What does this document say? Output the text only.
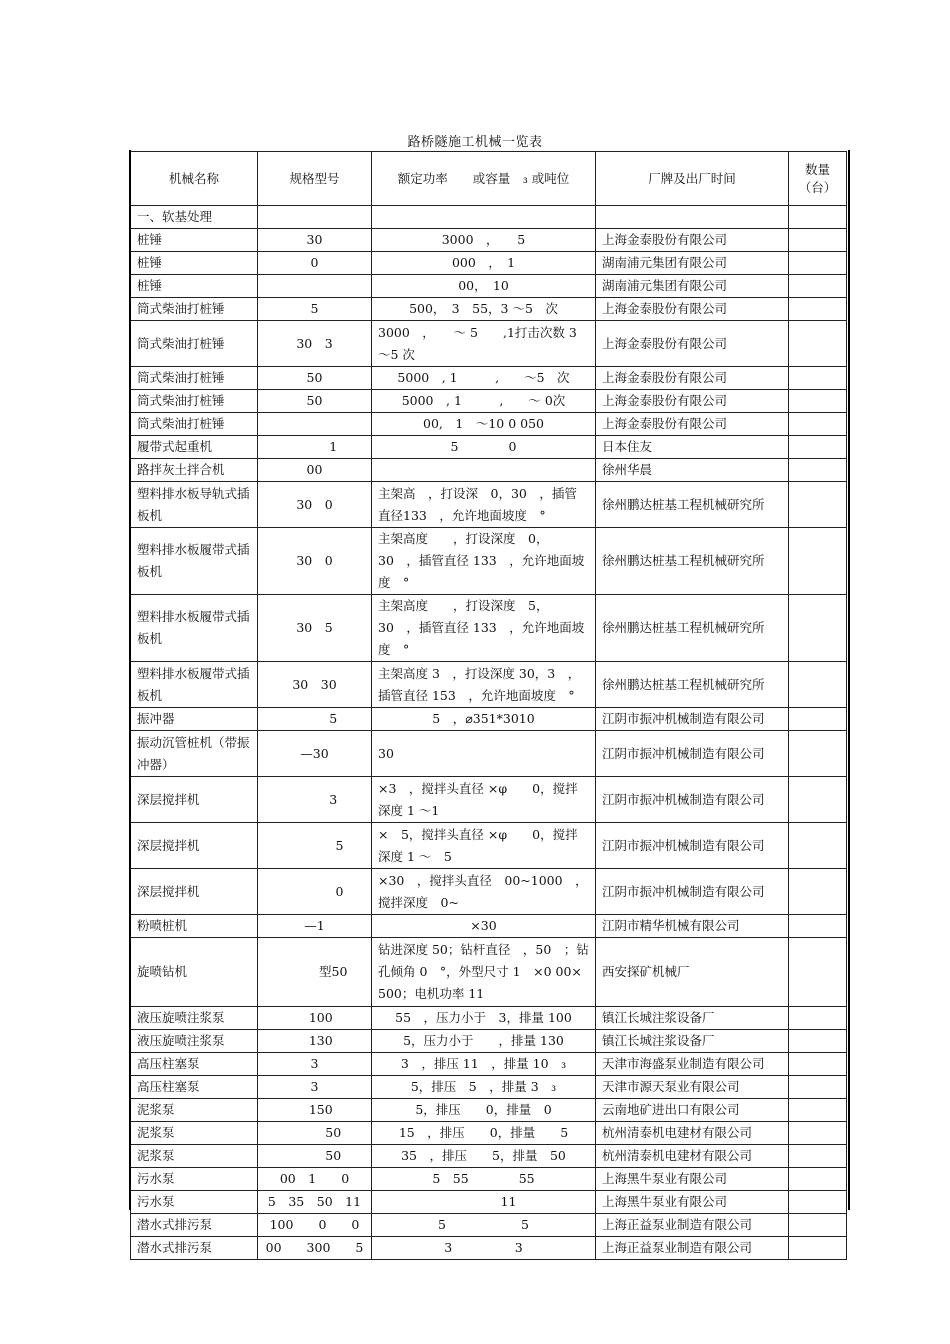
路桥隧施工机械一览表
机械名称	规格型号	额定功率　　或容量　₃ 或吨位	厂牌及出厂时间	数量（台）
一、软基处理				
桩锤	30	3000　，　　5	上海金泰股份有限公司	
桩锤	0	000　，　1	湖南浦元集团有限公司	
桩锤		00，　10	湖南浦元集团有限公司	
筒式柴油打桩锤	5	500，　3　55，3 ～5　次	上海金泰股份有限公司	
筒式柴油打桩锤	30　3	3000　，　　～ 5　　,1打击次数 3 ～5 次	上海金泰股份有限公司	
筒式柴油打桩锤	50	5000　, 1　　　,　　～5　次	上海金泰股份有限公司	
筒式柴油打桩锤	50	5000　, 1　　　,　　～ 0次	上海金泰股份有限公司	
筒式柴油打桩锤		00,　1　～10 0 050	上海金泰股份有限公司	
履带式起重机	　　　1	5　　　　0	日本住友	
路拌灰土拌合机	00		徐州华晨	
塑料排水板导轨式插板机	30　0	主架高　，打设深　0，30　，插管直径133　，允许地面坡度　°	徐州鹏达桩基工程机械研究所	
塑料排水板履带式插板机	30　0	主架高度　　，打设深度　0，30　，插管直径 133　，允许地面坡度　°	徐州鹏达桩基工程机械研究所	
塑料排水板履带式插板机	30　5	主架高度　　，打设深度　5，30　，插管直径 133　，允许地面坡度　°	徐州鹏达桩基工程机械研究所	
塑料排水板履带式插板机	30　30	主架高度 3　，打设深度 30，3　，插管直径 153　，允许地面坡度　°	徐州鹏达桩基工程机械研究所	
振冲器	　　　5	5　，⌀351*3010	江阴市振冲机械制造有限公司	
振动沉管桩机（带振冲器）	—30	30	江阴市振冲机械制造有限公司	
深层搅拌机	　　　3	×3　，搅拌头直径 ×φ　　0，搅拌深度 1 ～1	江阴市振冲机械制造有限公司	
深层搅拌机	　　　　5	×　5，搅拌头直径 ×φ　　0，搅拌深度 1 ～　5	江阴市振冲机械制造有限公司	
深层搅拌机	　　　　0	×30　，搅拌头直径　00~1000　，搅拌深度　0~	江阴市振冲机械制造有限公司	
粉喷桩机	—1	×30	江阴市精华机械有限公司	
旋喷钻机	　　　型50	钻进深度 50；钻杆直径　，50　；钻孔倾角 0　°，外型尺寸 1　×0 00×　500；电机功率 11	西安探矿机械厂	
液压旋喷注浆泵	　100	55　，压力小于　3，排量 100	镇江长城注浆设备厂	
液压旋喷注浆泵	　130	5，压力小于　　，排量 130	镇江长城注浆设备厂	
高压柱塞泵	3	3　，排压 11　，排量 10　₃	天津市海盛泵业制造有限公司	
高压柱塞泵	3	5，排压　5　，排量 3　₃	天津市源天泵业有限公司	
泥浆泵	　150	5，排压　　0，排量　0	云南地矿进出口有限公司	
泥浆泵	　　　50	15　，排压　　0，排量　　5	杭州清泰机电建材有限公司	
泥浆泵	　　　50	35　，排压　　5，排量　50	杭州清泰机电建材有限公司	
污水泵	00　1　　0	5　55　　　　55	上海黑牛泵业有限公司	
污水泵	5　35　50　11	　　　　11	上海黑牛泵业有限公司	
潜水式排污泵	100　　0　　0	5　　　　　　5	上海正益泵业制造有限公司	
潜水式排污泵	00　　300　　5	3　　　　　3	上海正益泵业制造有限公司	
